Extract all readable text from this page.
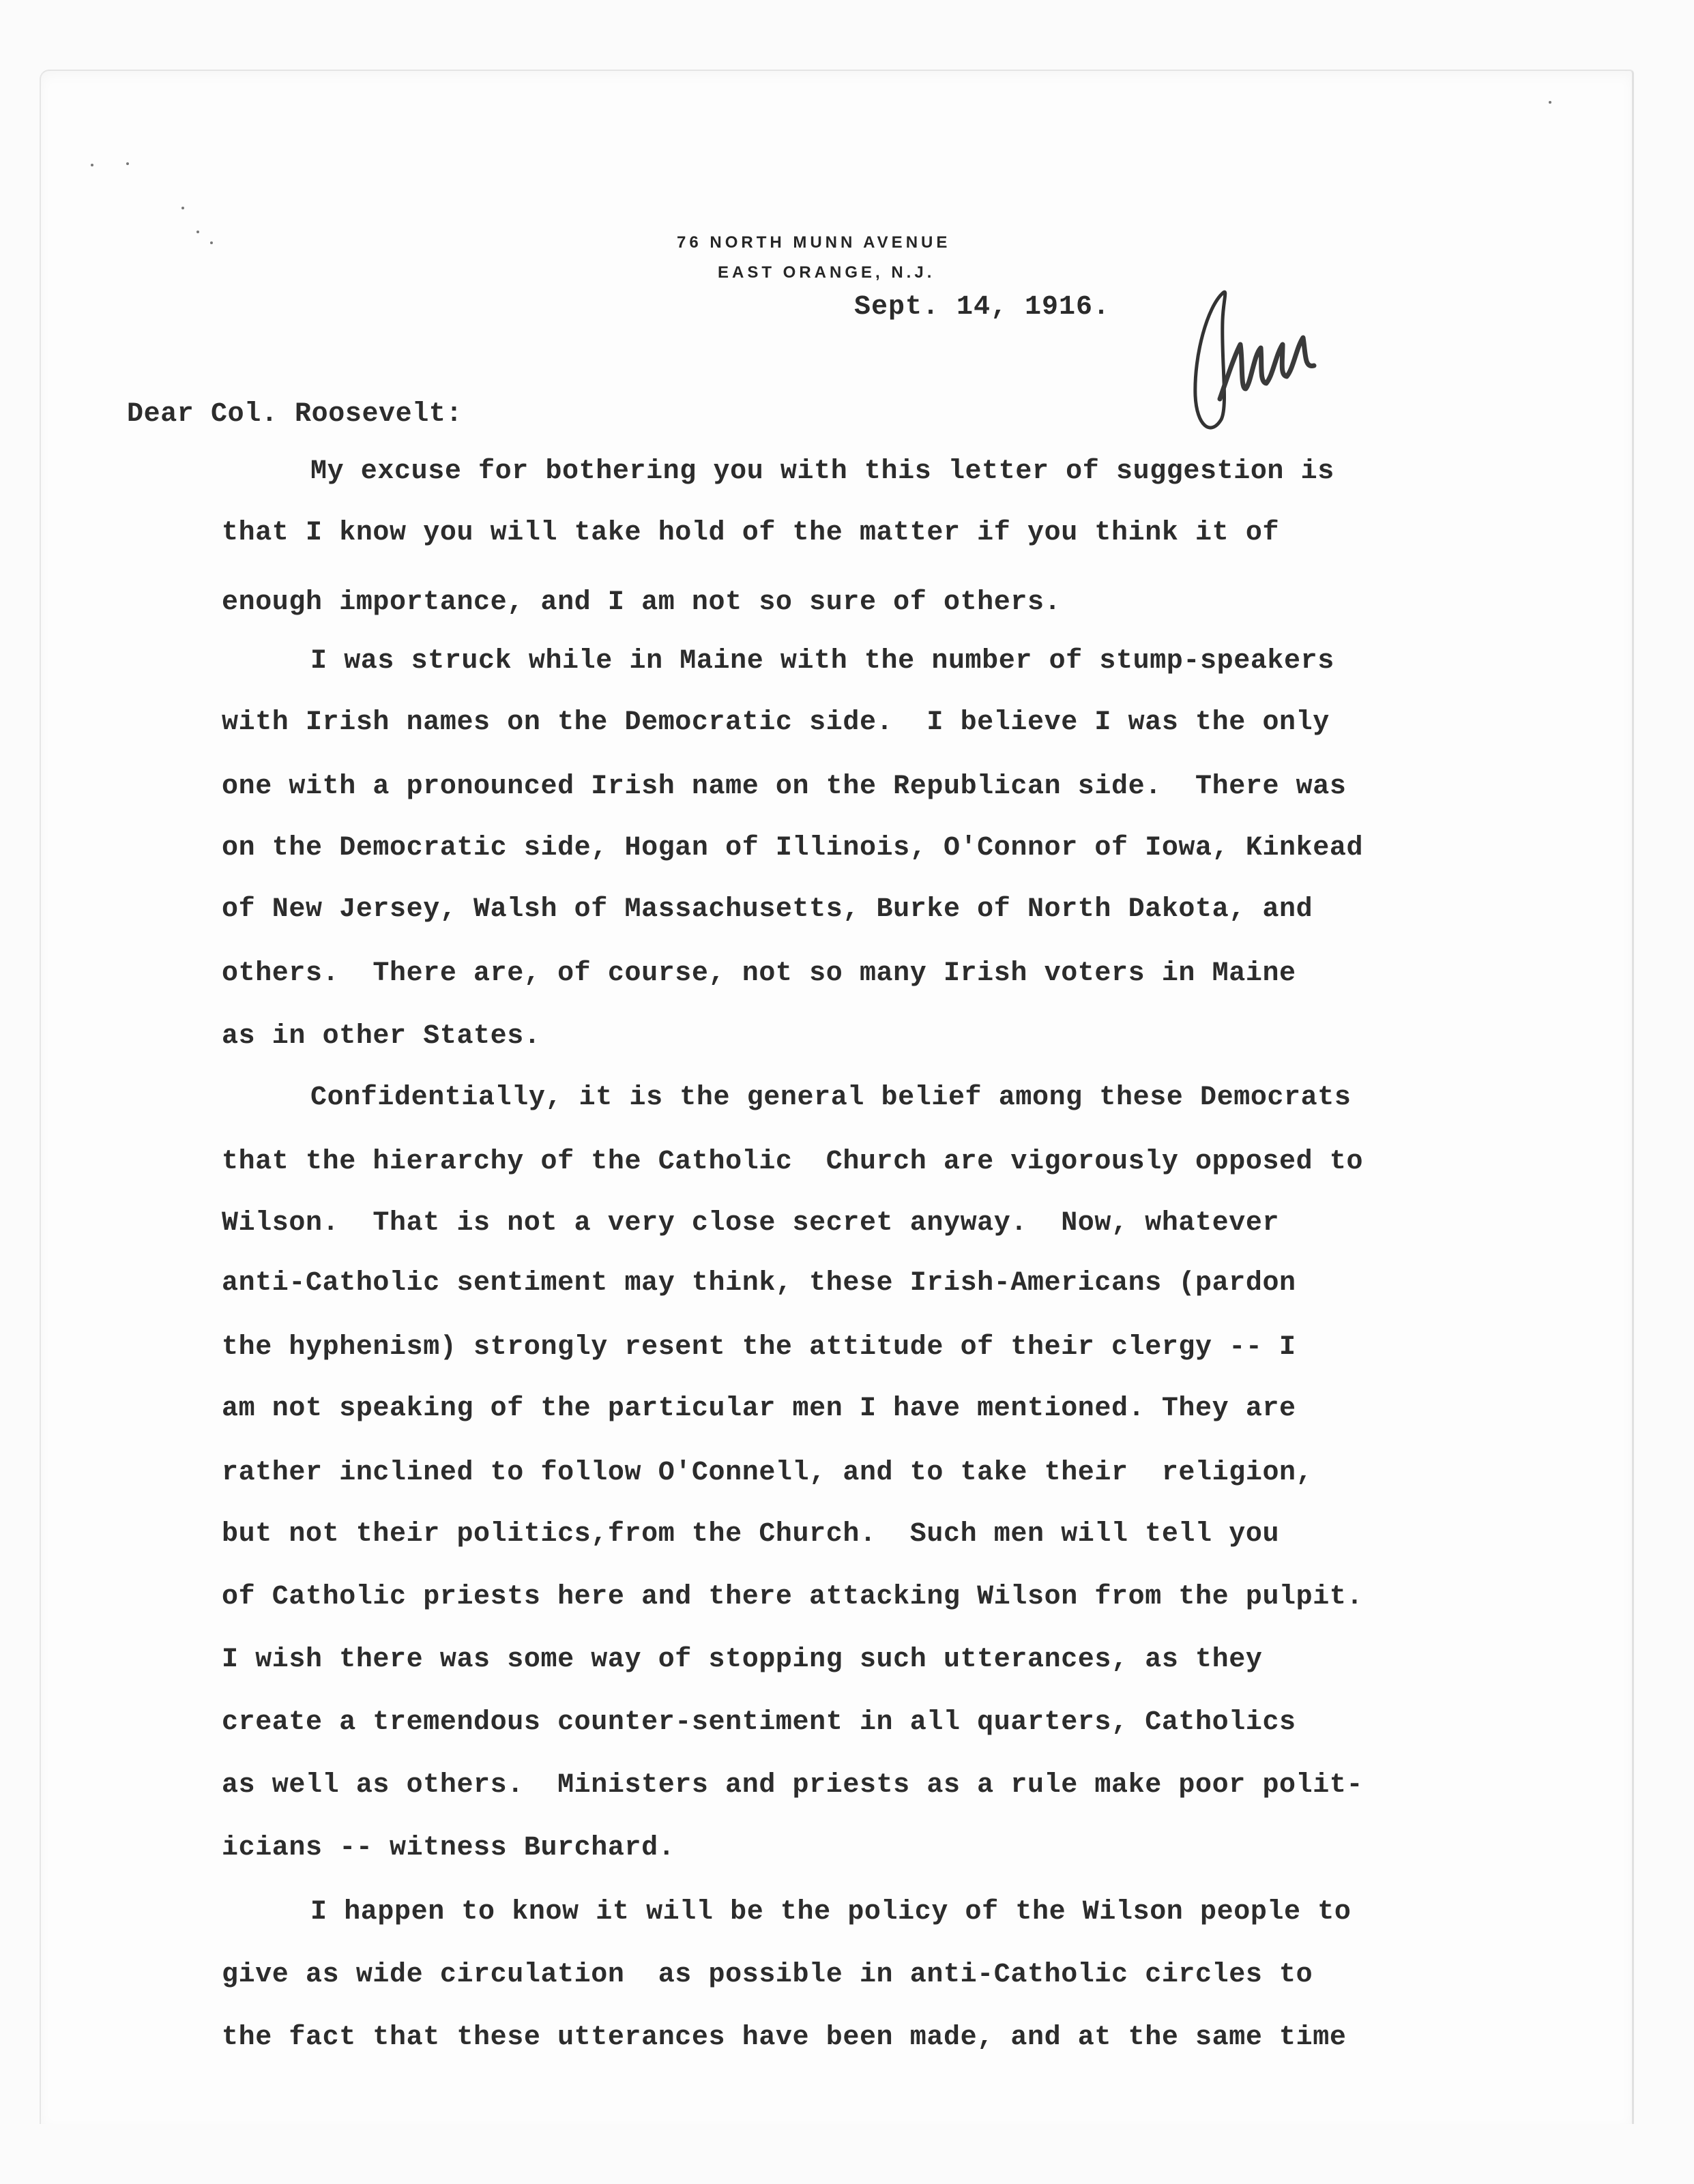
76 NORTH MUNN AVENUE
EAST ORANGE, N.J.
Sept. 14, 1916.
Dear Col. Roosevelt:
My excuse for bothering you with this letter of suggestion is
that I know you will take hold of the matter if you think it of
enough importance, and I am not so sure of others.
I was struck while in Maine with the number of stump-speakers
with Irish names on the Democratic side.  I believe I was the only
one with a pronounced Irish name on the Republican side.  There was
on the Democratic side, Hogan of Illinois, O'Connor of Iowa, Kinkead
of New Jersey, Walsh of Massachusetts, Burke of North Dakota, and
others.  There are, of course, not so many Irish voters in Maine
as in other States.
Confidentially, it is the general belief among these Democrats
that the hierarchy of the Catholic  Church are vigorously opposed to
Wilson.  That is not a very close secret anyway.  Now, whatever
anti-Catholic sentiment may think, these Irish-Americans (pardon
the hyphenism) strongly resent the attitude of their clergy -- I
am not speaking of the particular men I have mentioned. They are
rather inclined to follow O'Connell, and to take their  religion,
but not their politics,from the Church.  Such men will tell you
of Catholic priests here and there attacking Wilson from the pulpit.
I wish there was some way of stopping such utterances, as they
create a tremendous counter-sentiment in all quarters, Catholics
as well as others.  Ministers and priests as a rule make poor polit-
icians -- witness Burchard.
I happen to know it will be the policy of the Wilson people to
give as wide circulation  as possible in anti-Catholic circles to
the fact that these utterances have been made, and at the same time
